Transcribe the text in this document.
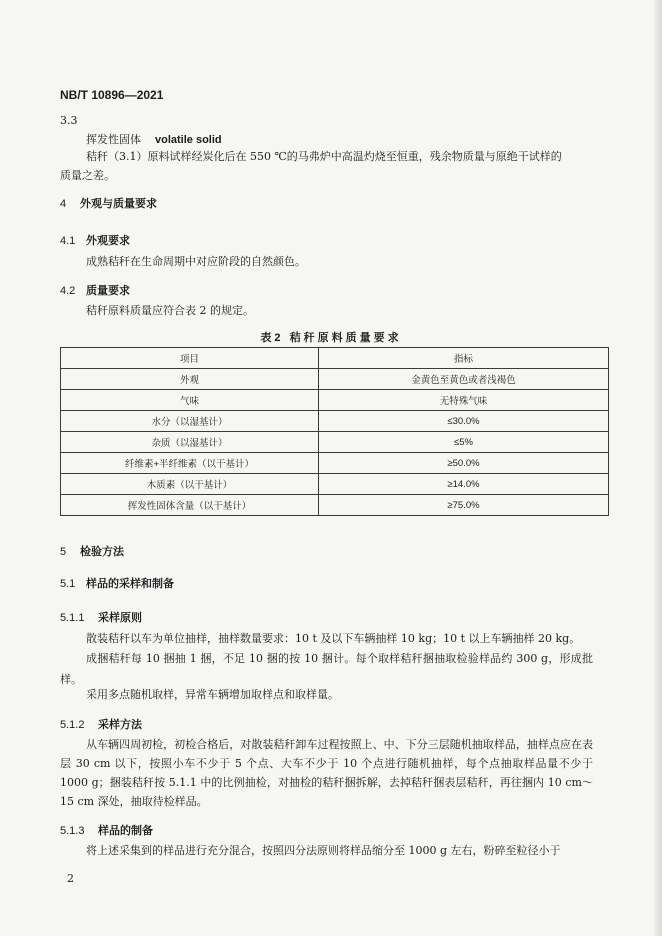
NB/T 10896—2021
3.3
挥发性固体 volatile solid
秸秆（3.1）原料试样经炭化后在 550 ℃的马弗炉中高温灼烧至恒重，残余物质量与原绝干试样的
质量之差。
4 外观与质量要求
4.1 外观要求
成熟秸秆在生命周期中对应阶段的自然颜色。
4.2 质量要求
秸秆原料质量应符合表 2 的规定。
表2 秸秆原料质量要求
项目	指标
外观	金黄色至黄色或者浅褐色
气味	无特殊气味
水分（以湿基计）	≤30.0%
杂质（以湿基计）	≤5%
纤维素+半纤维素（以干基计）	≥50.0%
木质素（以干基计）	≥14.0%
挥发性固体含量（以干基计）	≥75.0%
5 检验方法
5.1 样品的采样和制备
5.1.1 采样原则
散装秸秆以车为单位抽样，抽样数量要求：10 t 及以下车辆抽样 10 kg；10 t 以上车辆抽样 20 kg。
成捆秸秆每 10 捆抽 1 捆，不足 10 捆的按 10 捆计。每个取样秸秆捆抽取检验样品约 300 g，形成批样。
采用多点随机取样，异常车辆增加取样点和取样量。
5.1.2 采样方法
从车辆四周初检，初检合格后，对散装秸秆卸车过程按照上、中、下分三层随机抽取样品，抽样点应在表层 30 cm 以下，按照小车不少于 5 个点、大车不少于 10 个点进行随机抽样，每个点抽取样品量不少于 1000 g；捆装秸秆按 5.1.1 中的比例抽检，对抽检的秸秆捆拆解，去掉秸秆捆表层秸秆，再往捆内 10 cm～15 cm 深处，抽取待检样品。
5.1.3 样品的制备
将上述采集到的样品进行充分混合，按照四分法原则将样品缩分至 1000 g 左右，粉碎至粒径小于
2
